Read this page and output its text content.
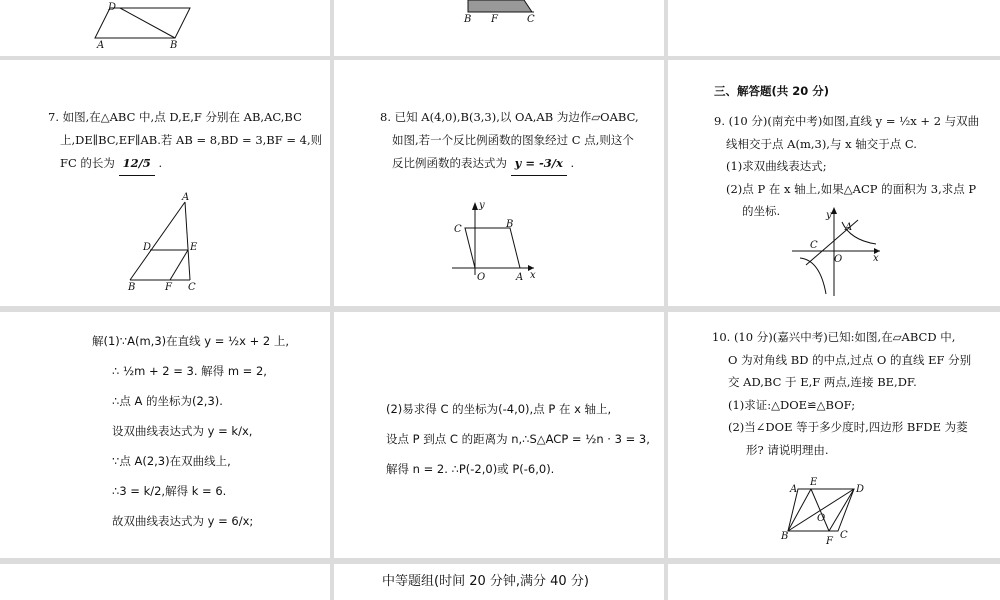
D
A	B
B F	C
7. 如图,在△ABC 中,点 D,E,F 分别在 AB,AC,BC
上,DE∥BC,EF∥AB.若 AB = 8,BD = 3,BF = 4,则
FC 的长为 12/5 .
A
D	E
B	F C
8. 已知 A(4,0),B(3,3),以 OA,AB 为边作▱OABC,
如图,若一个反比例函数的图象经过 C 点,则这个
反比例函数的表达式为 y = -3/x .
y
C	B
O	A x
三、解答题(共 20 分)
9. (10 分)(南充中考)如图,直线 y = ½x + 2 与双曲
线相交于点 A(m,3),与 x 轴交于点 C.
(1)求双曲线表达式;
(2)点 P 在 x 轴上,如果△ACP 的面积为 3,求点 P
的坐标.	y
A
C
O	x
解(1)∵A(m,3)在直线 y = ½x + 2 上,
∴ ½m + 2 = 3. 解得 m = 2,
∴点 A 的坐标为(2,3).
设双曲线表达式为 y = k/x,
∵点 A(2,3)在双曲线上,
∴3 = k/2,解得 k = 6.
故双曲线表达式为 y = 6/x;
(2)易求得 C 的坐标为(-4,0),点 P 在 x 轴上,
设点 P 到点 C 的距离为 n,∴S△ACP = ½n · 3 = 3,
解得 n = 2. ∴P(-2,0)或 P(-6,0).
10. (10 分)(嘉兴中考)已知:如图,在▱ABCD 中,
O 为对角线 BD 的中点,过点 O 的直线 EF 分别
交 AD,BC 于 E,F 两点,连接 BE,DF.
(1)求证:△DOE≌△BOF;
(2)当∠DOE 等于多少度时,四边形 BFDE 为菱
形? 请说明理由.
A
E
D
O
B	F
C
中等题组(时间 20 分钟,满分 40 分)
